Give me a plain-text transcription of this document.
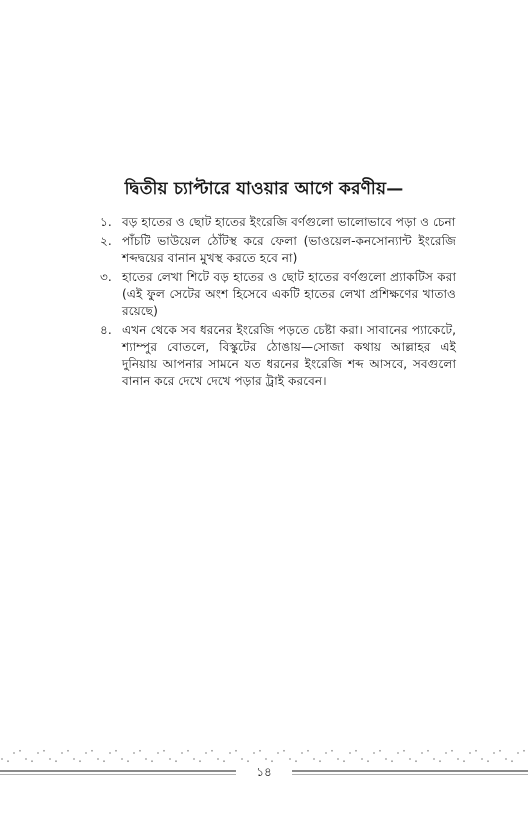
দ্বিতীয় চ্যাপ্টারে যাওয়ার আগে করণীয়—
১. বড় হাতের ও ছোট হাতের ইংরেজি বর্ণগুলো ভালোভাবে পড়া ও চেনা
২. পাঁচটি ভাউয়েল ঠোঁটস্থ করে ফেলা (ভাওয়েল-কনসোন্যান্ট ইংরেজি শব্দদ্বয়ের বানান মুখস্থ করতে হবে না)
৩. হাতের লেখা শিটে বড় হাতের ও ছোট হাতের বর্ণগুলো প্র্যাকটিস করা (এই ফুল সেটের অংশ হিসেবে একটি হাতের লেখা প্রশিক্ষণের খাতাও রয়েছে)
৪. এখন থেকে সব ধরনের ইংরেজি পড়তে চেষ্টা করা। সাবানের প্যাকেটে, শ্যাম্পুর বোতলে, বিস্কুটের ঠোঙায়—সোজা কথায় আল্লাহর এই দুনিয়ায় আপনার সামনে যত ধরনের ইংরেজি শব্দ আসবে, সবগুলো বানান করে দেখে দেখে পড়ার ট্রাই করবেন।
১৪
